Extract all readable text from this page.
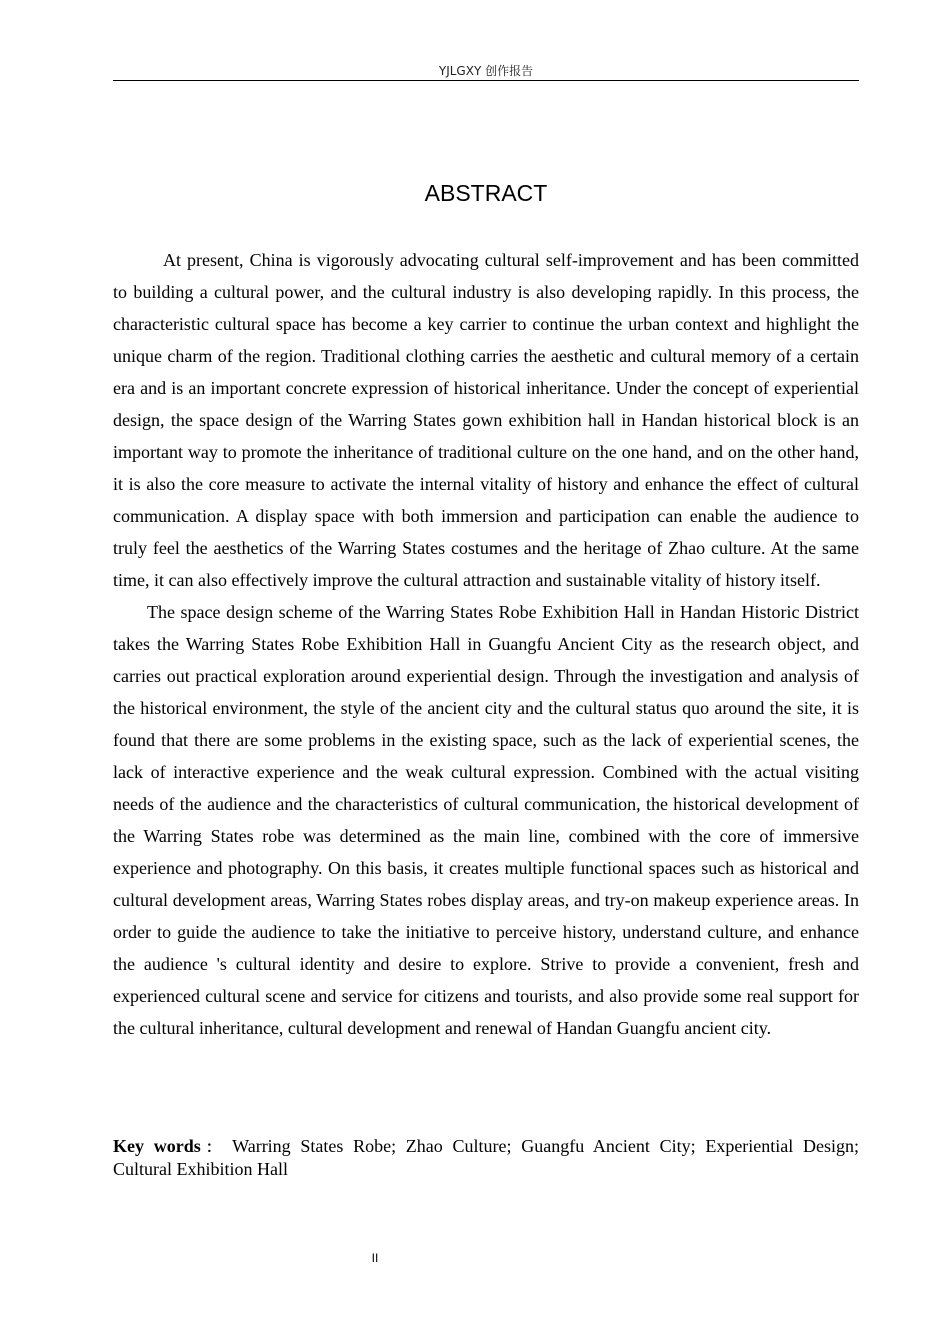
YJLGXY 创作报告
ABSTRACT

At present, China is vigorously advocating cultural self-improvement and has been committed to building a cultural power, and the cultural industry is also developing rapidly. In this process, the characteristic cultural space has become a key carrier to continue the urban context and highlight the unique charm of the region. Traditional clothing carries the aesthetic and cultural memory of a certain era and is an important concrete expression of historical inheritance. Under the concept of experiential design, the space design of the Warring States gown exhibition hall in Handan historical block is an important way to promote the inheritance of traditional culture on the one hand, and on the other hand, it is also the core measure to activate the internal vitality of history and enhance the effect of cultural communication. A display space with both immersion and participation can enable the audience to truly feel the aesthetics of the Warring States costumes and the heritage of Zhao culture. At the same time, it can also effectively improve the cultural attraction and sustainable vitality of history itself.

The space design scheme of the Warring States Robe Exhibition Hall in Handan Historic District takes the Warring States Robe Exhibition Hall in Guangfu Ancient City as the research object, and carries out practical exploration around experiential design. Through the investigation and analysis of the historical environment, the style of the ancient city and the cultural status quo around the site, it is found that there are some problems in the existing space, such as the lack of experiential scenes, the lack of interactive experience and the weak cultural expression. Combined with the actual visiting needs of the audience and the characteristics of cultural communication, the historical development of the Warring States robe was determined as the main line, combined with the core of immersive experience and photography. On this basis, it creates multiple functional spaces such as historical and cultural development areas, Warring States robes display areas, and try-on makeup experience areas. In order to guide the audience to take the initiative to perceive history, understand culture, and enhance the audience 's cultural identity and desire to explore. Strive to provide a convenient, fresh and experienced cultural scene and service for citizens and tourists, and also provide some real support for the cultural inheritance, cultural development and renewal of Handan Guangfu ancient city.

Key words： Warring States Robe; Zhao Culture; Guangfu Ancient City; Experiential Design; Cultural Exhibition Hall
II
